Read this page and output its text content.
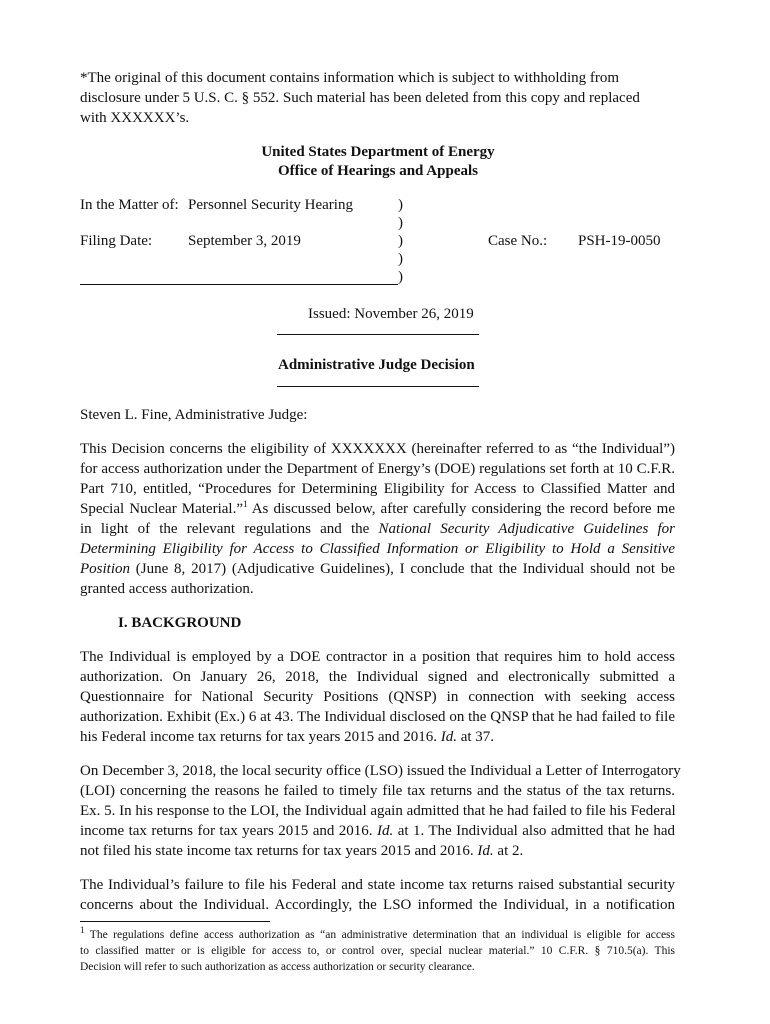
*The original of this document contains information which is subject to withholding from
disclosure under 5 U.S. C. § 552. Such material has been deleted from this copy and replaced
with XXXXXX’s.
United States Department of Energy
Office of Hearings and Appeals
In the Matter of: Personnel Security Hearing	)
)
Filing Date: September 3, 2019	)	Case No.: PSH-19-0050
)
)
Issued: November 26, 2019
Administrative Judge Decision
Steven L. Fine, Administrative Judge:
This Decision concerns the eligibility of XXXXXXX (hereinafter referred to as “the Individual”)
for access authorization under the Department of Energy’s (DOE) regulations set forth at 10 C.F.R.
Part 710, entitled, “Procedures for Determining Eligibility for Access to Classified Matter and
Special Nuclear Material.”$^1$ As discussed below, after carefully considering the record before me
in light of the relevant regulations and the National Security Adjudicative Guidelines for
Determining Eligibility for Access to Classified Information or Eligibility to Hold a Sensitive
Position (June 8, 2017) (Adjudicative Guidelines), I conclude that the Individual should not be
granted access authorization.
I. BACKGROUND
The Individual is employed by a DOE contractor in a position that requires him to hold access
authorization. On January 26, 2018, the Individual signed and electronically submitted a
Questionnaire for National Security Positions (QNSP) in connection with seeking access
authorization. Exhibit (Ex.) 6 at 43. The Individual disclosed on the QNSP that he had failed to file
his Federal income tax returns for tax years 2015 and 2016. Id. at 37.
On December 3, 2018, the local security office (LSO) issued the Individual a Letter of Interrogatory
(LOI) concerning the reasons he failed to timely file tax returns and the status of the tax returns.
Ex. 5. In his response to the LOI, the Individual again admitted that he had failed to file his Federal
income tax returns for tax years 2015 and 2016. Id. at 1. The Individual also admitted that he had
not filed his state income tax returns for tax years 2015 and 2016. Id. at 2.
The Individual’s failure to file his Federal and state income tax returns raised substantial security
concerns about the Individual. Accordingly, the LSO informed the Individual, in a notification
$^1$ The regulations define access authorization as “an administrative determination that an individual is eligible for access
to classified matter or is eligible for access to, or control over, special nuclear material.” 10 C.F.R. § 710.5(a). This
Decision will refer to such authorization as access authorization or security clearance.
